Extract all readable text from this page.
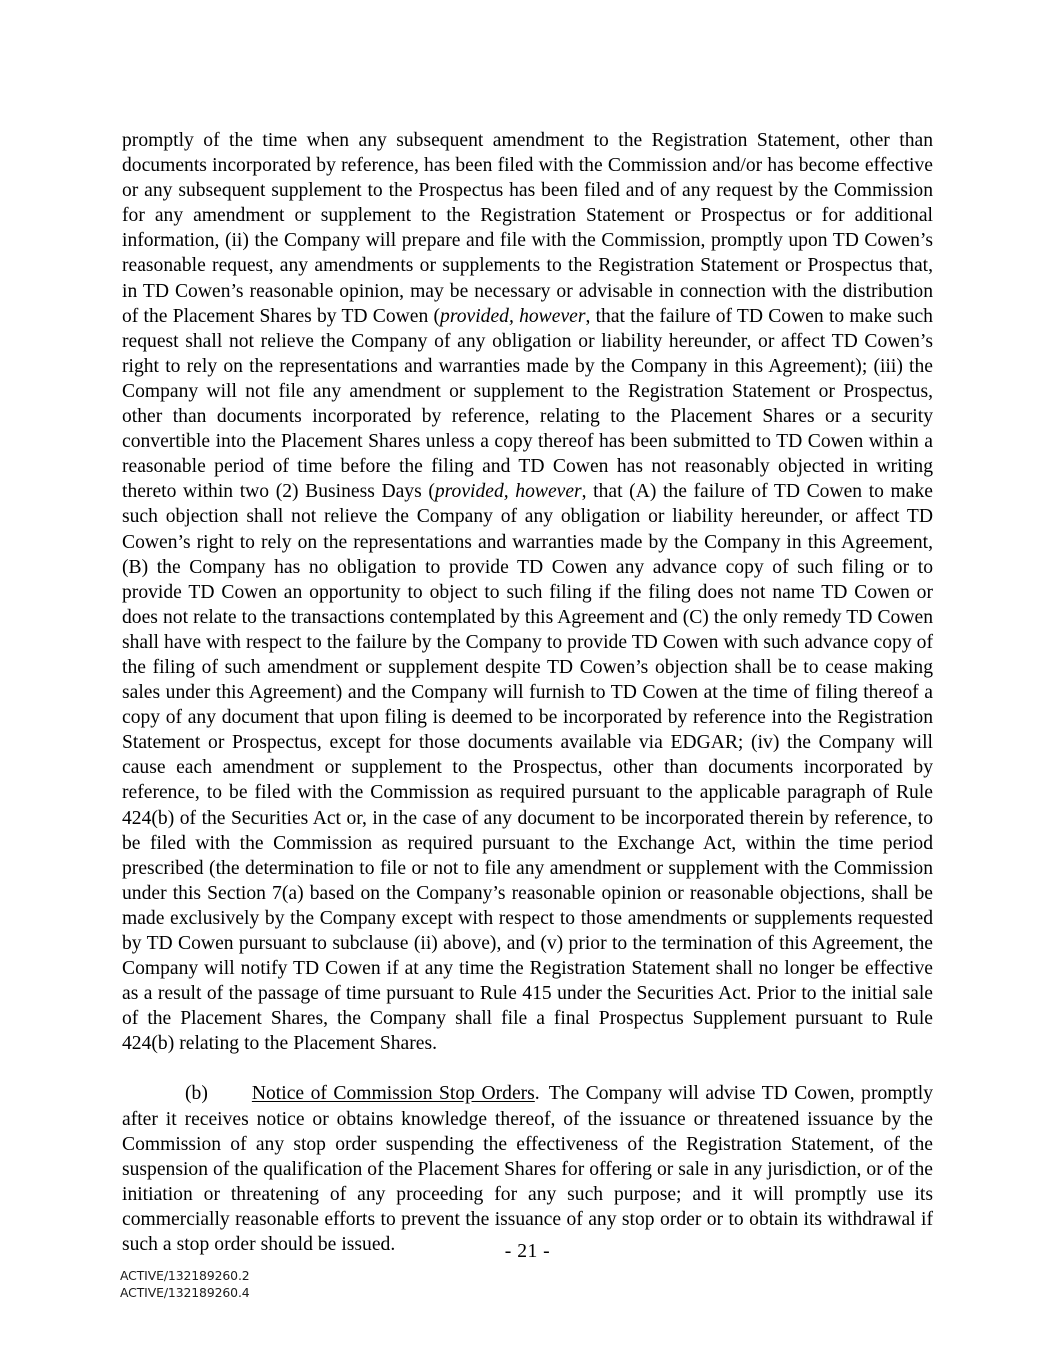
promptly of the time when any subsequent amendment to the Registration Statement, other than documents incorporated by reference, has been filed with the Commission and/or has become effective or any subsequent supplement to the Prospectus has been filed and of any request by the Commission for any amendment or supplement to the Registration Statement or Prospectus or for additional information, (ii) the Company will prepare and file with the Commission, promptly upon TD Cowen’s reasonable request, any amendments or supplements to the Registration Statement or Prospectus that, in TD Cowen’s reasonable opinion, may be necessary or advisable in connection with the distribution of the Placement Shares by TD Cowen (provided, however, that the failure of TD Cowen to make such request shall not relieve the Company of any obligation or liability hereunder, or affect TD Cowen’s right to rely on the representations and warranties made by the Company in this Agreement); (iii) the Company will not file any amendment or supplement to the Registration Statement or Prospectus, other than documents incorporated by reference, relating to the Placement Shares or a security convertible into the Placement Shares unless a copy thereof has been submitted to TD Cowen within a reasonable period of time before the filing and TD Cowen has not reasonably objected in writing thereto within two (2) Business Days (provided, however, that (A) the failure of TD Cowen to make such objection shall not relieve the Company of any obligation or liability hereunder, or affect TD Cowen’s right to rely on the representations and warranties made by the Company in this Agreement, (B) the Company has no obligation to provide TD Cowen any advance copy of such filing or to provide TD Cowen an opportunity to object to such filing if the filing does not name TD Cowen or does not relate to the transactions contemplated by this Agreement and (C) the only remedy TD Cowen shall have with respect to the failure by the Company to provide TD Cowen with such advance copy of the filing of such amendment or supplement despite TD Cowen’s objection shall be to cease making sales under this Agreement) and the Company will furnish to TD Cowen at the time of filing thereof a copy of any document that upon filing is deemed to be incorporated by reference into the Registration Statement or Prospectus, except for those documents available via EDGAR; (iv) the Company will cause each amendment or supplement to the Prospectus, other than documents incorporated by reference, to be filed with the Commission as required pursuant to the applicable paragraph of Rule 424(b) of the Securities Act or, in the case of any document to be incorporated therein by reference, to be filed with the Commission as required pursuant to the Exchange Act, within the time period prescribed (the determination to file or not to file any amendment or supplement with the Commission under this Section 7(a) based on the Company’s reasonable opinion or reasonable objections, shall be made exclusively by the Company except with respect to those amendments or supplements requested by TD Cowen pursuant to subclause (ii) above), and (v) prior to the termination of this Agreement, the Company will notify TD Cowen if at any time the Registration Statement shall no longer be effective as a result of the passage of time pursuant to Rule 415 under the Securities Act. Prior to the initial sale of the Placement Shares, the Company shall file a final Prospectus Supplement pursuant to Rule 424(b) relating to the Placement Shares.

(b) Notice of Commission Stop Orders. The Company will advise TD Cowen, promptly after it receives notice or obtains knowledge thereof, of the issuance or threatened issuance by the Commission of any stop order suspending the effectiveness of the Registration Statement, of the suspension of the qualification of the Placement Shares for offering or sale in any jurisdiction, or of the initiation or threatening of any proceeding for any such purpose; and it will promptly use its commercially reasonable efforts to prevent the issuance of any stop order or to obtain its withdrawal if such a stop order should be issued.	- 21 -
ACTIVE/132189260.2
ACTIVE/132189260.4
